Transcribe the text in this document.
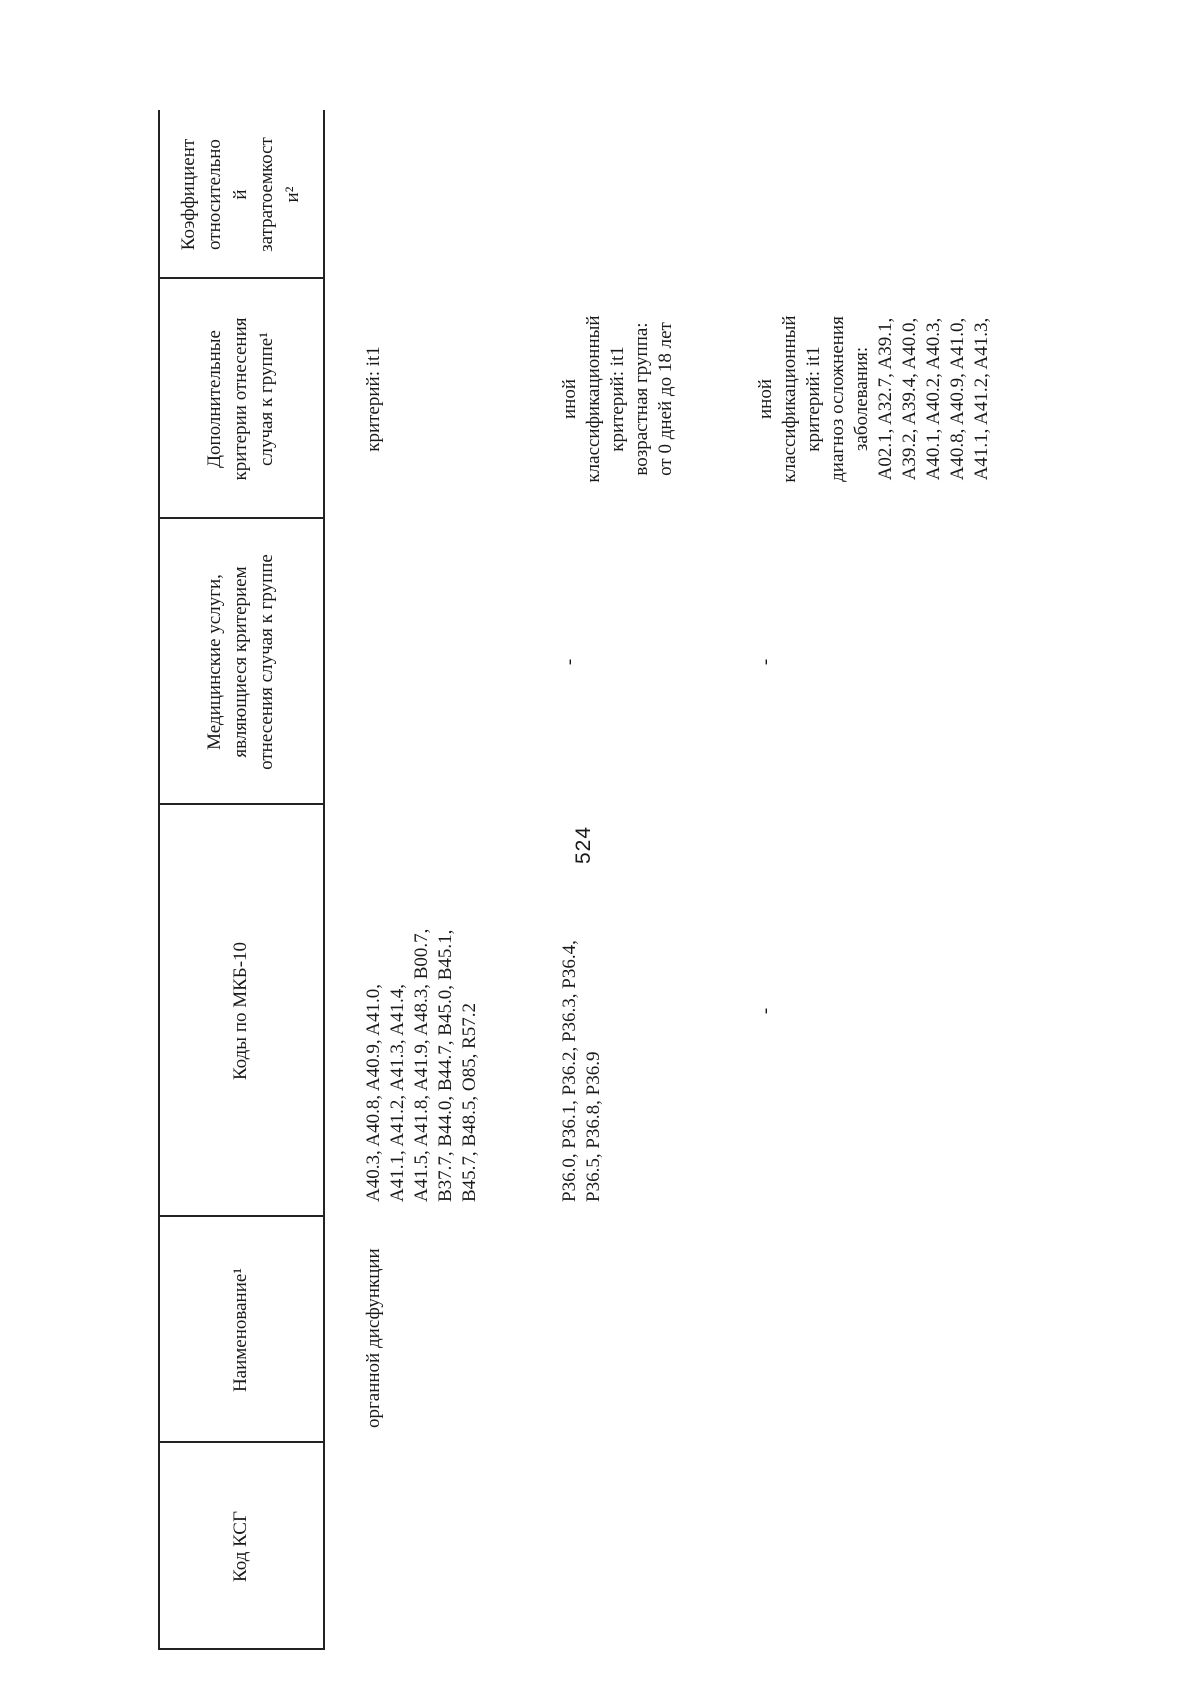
524
Код КСГ
Наименование¹
Коды по МКБ-10
Медицинские услуги,
являющиеся критерием
отнесения случая к группе
Дополнительные
критерии отнесения
случая к группе¹
Коэффициент
относительно
й
затратоемкост
и²
органной дисфункции
A40.3, A40.8, A40.9, A41.0,
A41.1, A41.2, A41.3, A41.4,
A41.5, A41.8, A41.9, A48.3, B00.7,
B37.7, B44.0, B44.7, B45.0, B45.1,
B45.7, B48.5, O85, R57.2
критерий: it1
P36.0, P36.1, P36.2, P36.3, P36.4,
P36.5, P36.8, P36.9
-
иной
классификационный
критерий: it1
возрастная группа:
от 0 дней до 18 лет
-
-
иной
классификационный
критерий: it1
диагноз осложнения
заболевания:
A02.1, A32.7, A39.1,
A39.2, A39.4, A40.0,
A40.1, A40.2, A40.3,
A40.8, A40.9, A41.0,
A41.1, A41.2, A41.3,
